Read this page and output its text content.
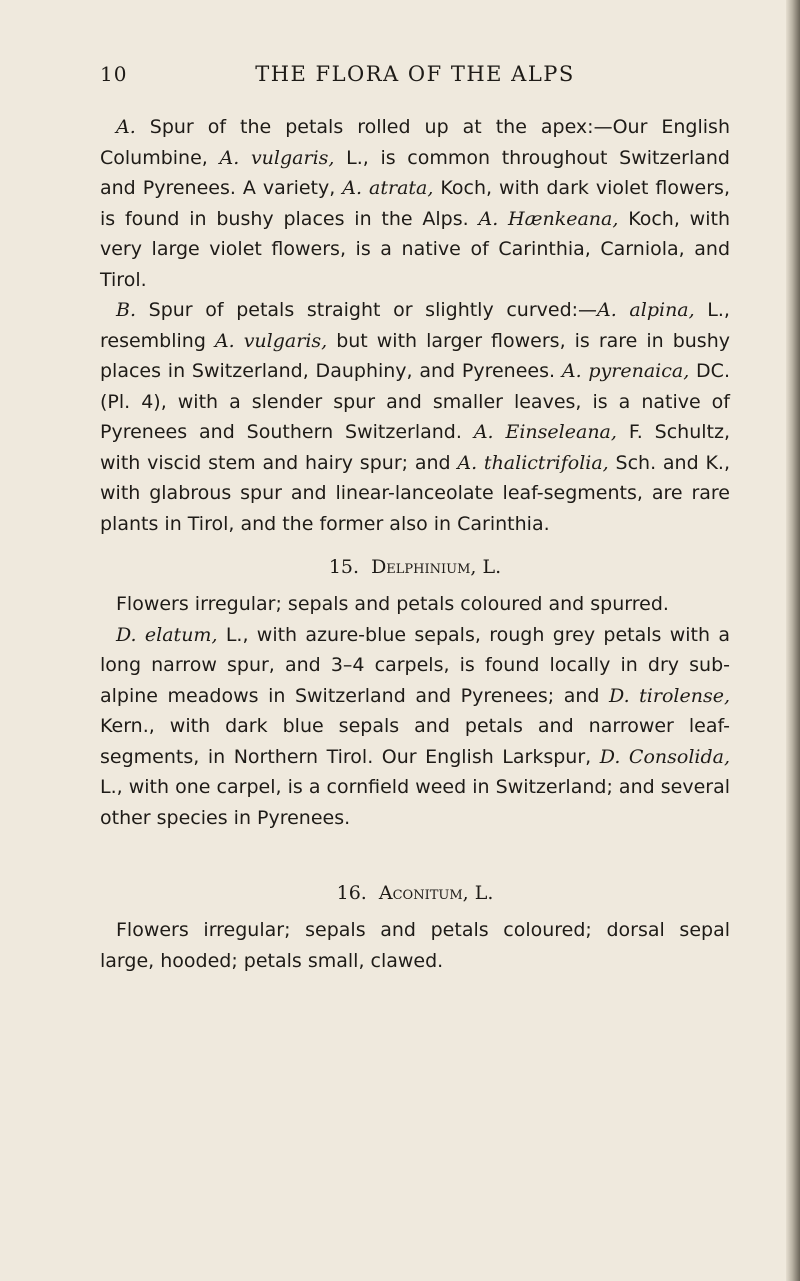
10	THE FLORA OF THE ALPS

A. Spur of the petals rolled up at the apex:—Our English Columbine, A. vulgaris, L., is common throughout Switzerland and Pyrenees. A variety, A. atrata, Koch, with dark violet flowers, is found in bushy places in the Alps. A. Hænkeana, Koch, with very large violet flowers, is a native of Carinthia, Carniola, and Tirol.

B. Spur of petals straight or slightly curved:—A. alpina, L., resembling A. vulgaris, but with larger flowers, is rare in bushy places in Switzerland, Dauphiny, and Pyrenees. A. pyrenaica, DC. (Pl. 4), with a slender spur and smaller leaves, is a native of Pyrenees and Southern Switzerland. A. Einseleana, F. Schultz, with viscid stem and hairy spur; and A. thalictrifolia, Sch. and K., with glabrous spur and linear-lanceolate leaf-segments, are rare plants in Tirol, and the former also in Carinthia.

15. Delphinium, L.

Flowers irregular; sepals and petals coloured and spurred.

D. elatum, L., with azure-blue sepals, rough grey petals with a long narrow spur, and 3–4 carpels, is found locally in dry sub-alpine meadows in Switzerland and Pyrenees; and D. tirolense, Kern., with dark blue sepals and petals and narrower leaf-segments, in Northern Tirol. Our English Larkspur, D. Consolida, L., with one carpel, is a cornfield weed in Switzerland; and several other species in Pyrenees.

16. Aconitum, L.

Flowers irregular; sepals and petals coloured; dorsal sepal large, hooded; petals small, clawed.
